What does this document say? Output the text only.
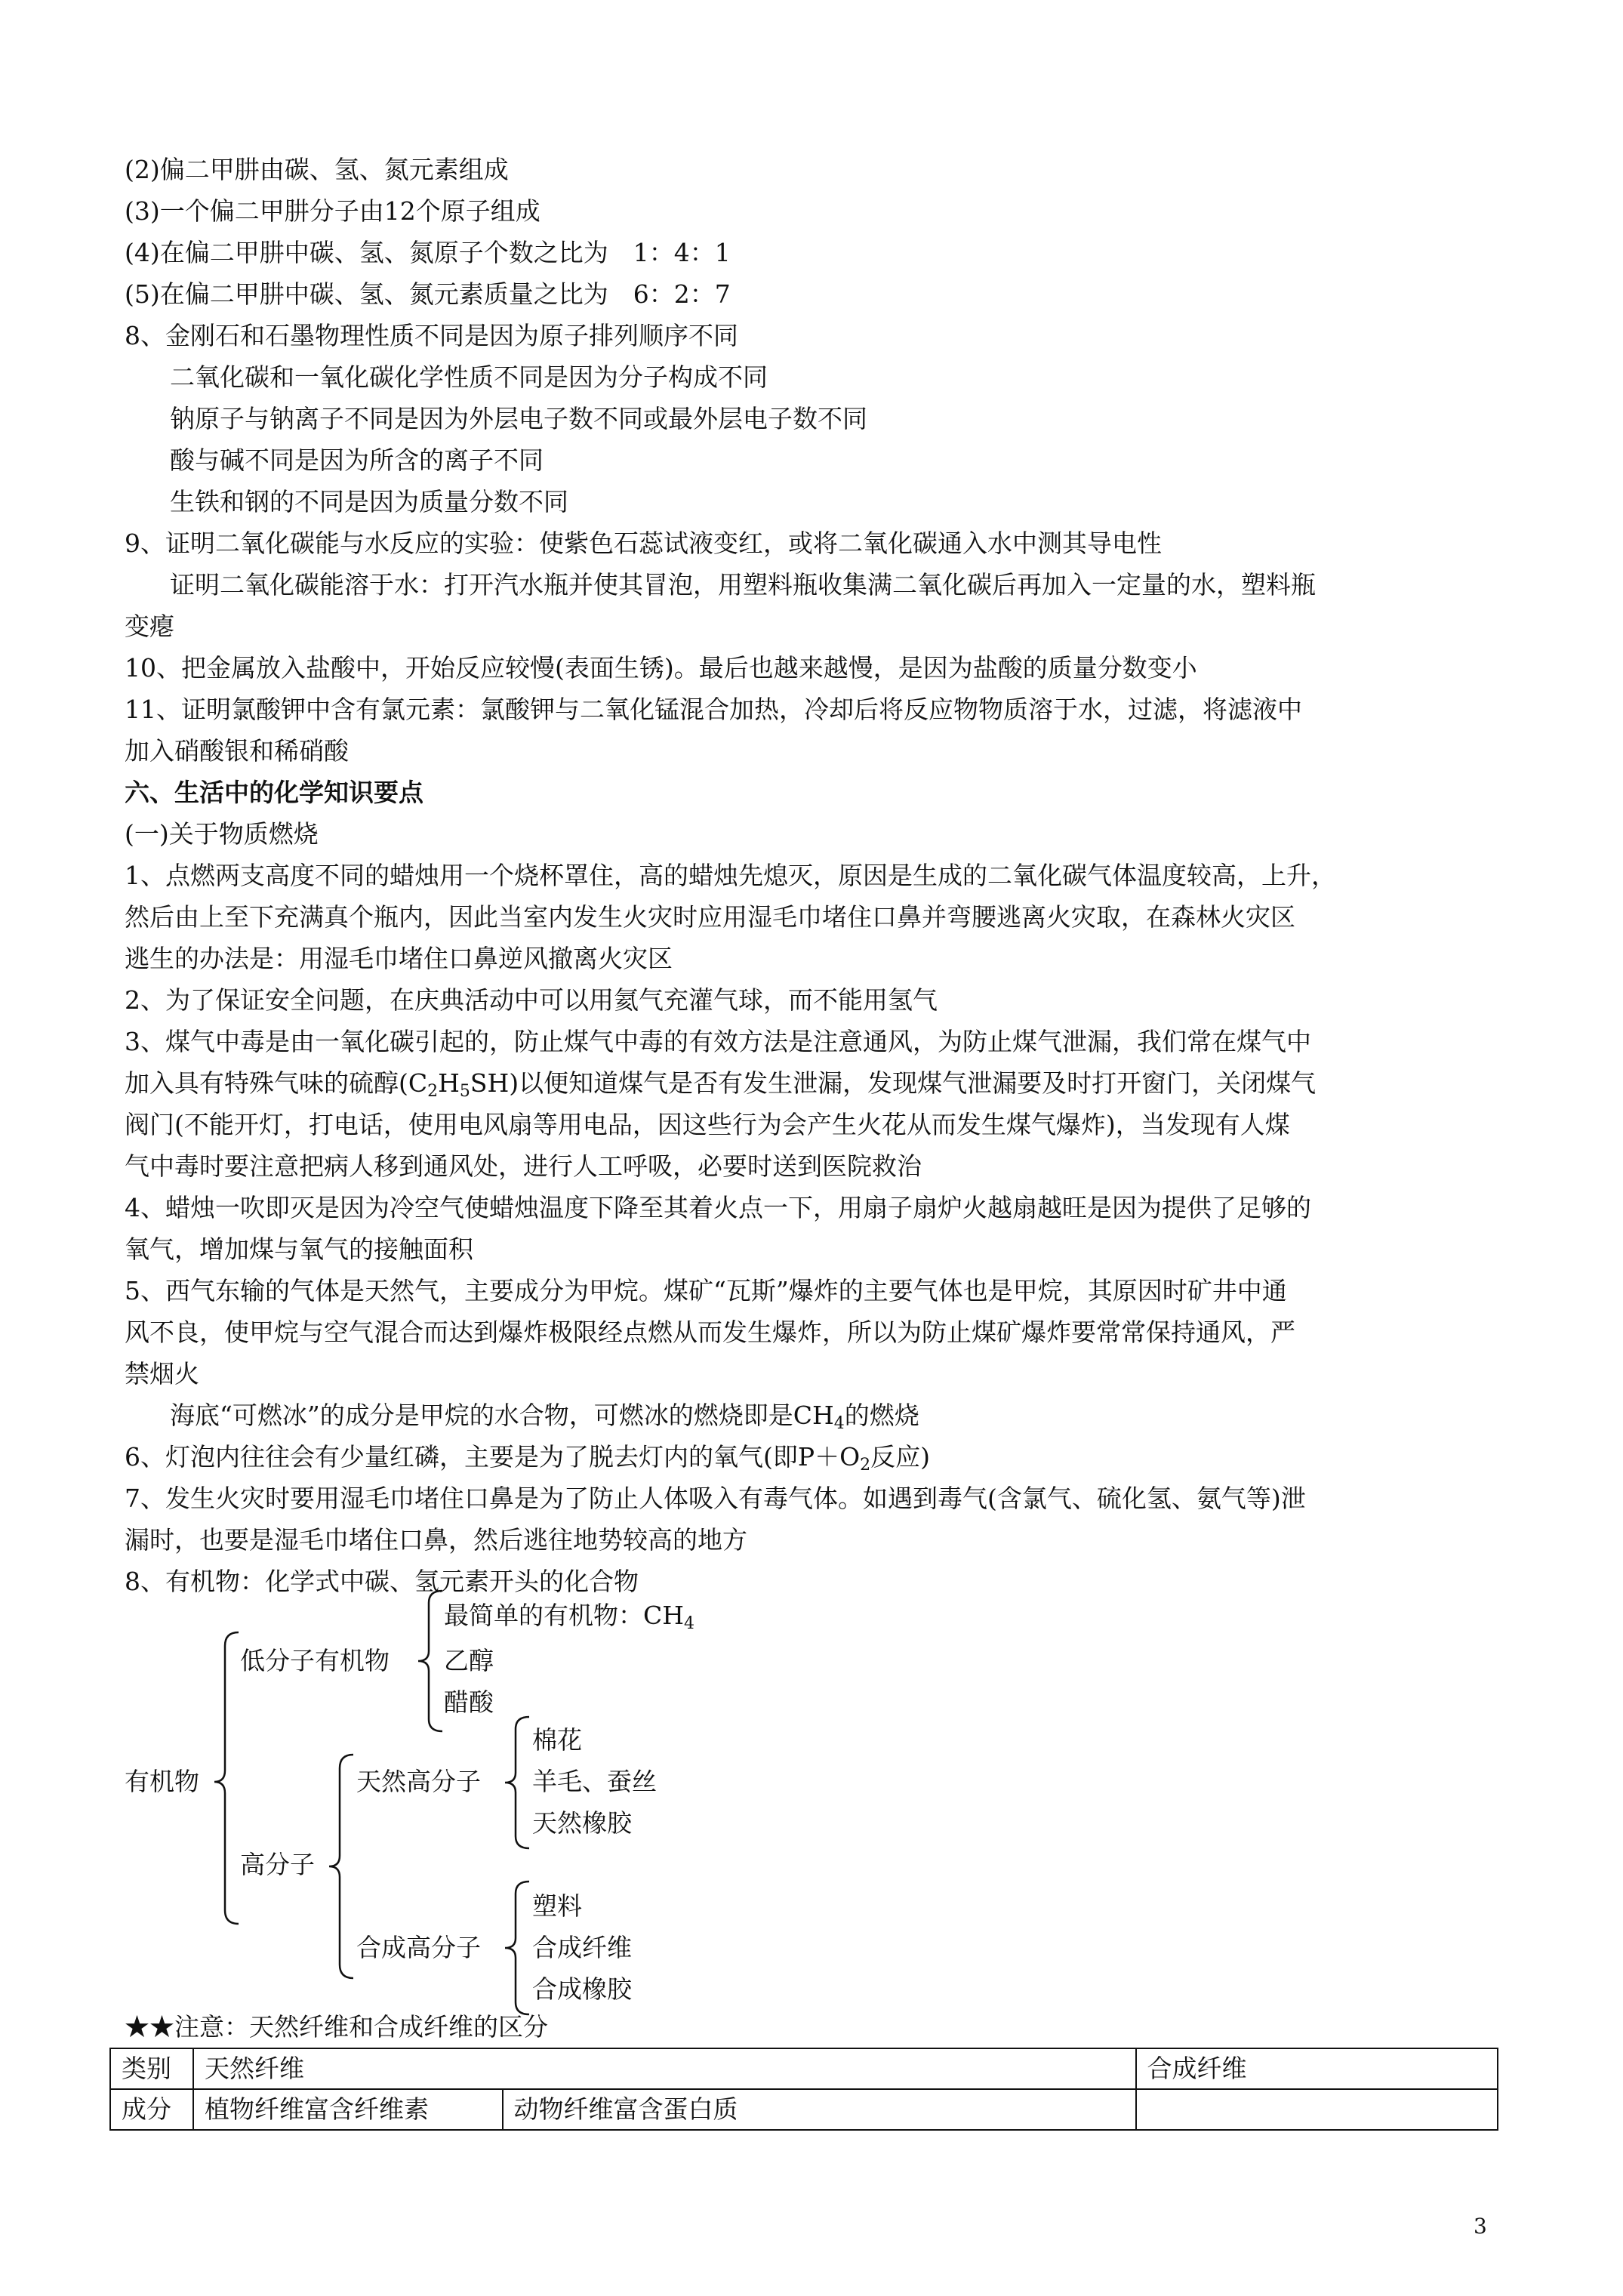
(2)偏二甲肼由碳、氢、氮元素组成
(3)一个偏二甲肼分子由12个原子组成
(4)在偏二甲肼中碳、氢、氮原子个数之比为　1：4：1
(5)在偏二甲肼中碳、氢、氮元素质量之比为　6：2：7
8、金刚石和石墨物理性质不同是因为原子排列顺序不同
二氧化碳和一氧化碳化学性质不同是因为分子构成不同
钠原子与钠离子不同是因为外层电子数不同或最外层电子数不同
酸与碱不同是因为所含的离子不同
生铁和钢的不同是因为质量分数不同
9、证明二氧化碳能与水反应的实验：使紫色石蕊试液变红，或将二氧化碳通入水中测其导电性
证明二氧化碳能溶于水：打开汽水瓶并使其冒泡，用塑料瓶收集满二氧化碳后再加入一定量的水，塑料瓶
变瘪
10、把金属放入盐酸中，开始反应较慢(表面生锈)。最后也越来越慢，是因为盐酸的质量分数变小
11、证明氯酸钾中含有氯元素：氯酸钾与二氧化锰混合加热，冷却后将反应物物质溶于水，过滤，将滤液中
加入硝酸银和稀硝酸
六、生活中的化学知识要点
(一)关于物质燃烧
1、点燃两支高度不同的蜡烛用一个烧杯罩住，高的蜡烛先熄灭，原因是生成的二氧化碳气体温度较高，上升，
然后由上至下充满真个瓶内，因此当室内发生火灾时应用湿毛巾堵住口鼻并弯腰逃离火灾取，在森林火灾区
逃生的办法是：用湿毛巾堵住口鼻逆风撤离火灾区
2、为了保证安全问题，在庆典活动中可以用氦气充灌气球，而不能用氢气
3、煤气中毒是由一氧化碳引起的，防止煤气中毒的有效方法是注意通风，为防止煤气泄漏，我们常在煤气中
加入具有特殊气味的硫醇$(C_2H_5SH)$以便知道煤气是否有发生泄漏，发现煤气泄漏要及时打开窗门，关闭煤气
阀门(不能开灯，打电话，使用电风扇等用电品，因这些行为会产生火花从而发生煤气爆炸)，当发现有人煤
气中毒时要注意把病人移到通风处，进行人工呼吸，必要时送到医院救治
4、蜡烛一吹即灭是因为冷空气使蜡烛温度下降至其着火点一下，用扇子扇炉火越扇越旺是因为提供了足够的
氧气，增加煤与氧气的接触面积
5、西气东输的气体是天然气，主要成分为甲烷。煤矿“瓦斯”爆炸的主要气体也是甲烷，其原因时矿井中通
风不良，使甲烷与空气混合而达到爆炸极限经点燃从而发生爆炸，所以为防止煤矿爆炸要常常保持通风，严
禁烟火
海底“可燃冰”的成分是甲烷的水合物，可燃冰的燃烧即是$CH_4$的燃烧
6、灯泡内往往会有少量红磷，主要是为了脱去灯内的氧气(即$P+O_2$反应)
7、发生火灾时要用湿毛巾堵住口鼻是为了防止人体吸入有毒气体。如遇到毒气(含氯气、硫化氢、氨气等)泄
漏时，也要是湿毛巾堵住口鼻，然后逃往地势较高的地方
8、有机物：化学式中碳、氢元素开头的化合物
有机物
低分子有机物
最简单的有机物：$CH_4$
乙醇
醋酸
高分子
天然高分子
棉花
羊毛、蚕丝
天然橡胶
合成高分子
塑料
合成纤维
合成橡胶
★★注意：天然纤维和合成纤维的区分
类别	天然纤维		合成纤维
成分	植物纤维富含纤维素	动物纤维富含蛋白质	
3
